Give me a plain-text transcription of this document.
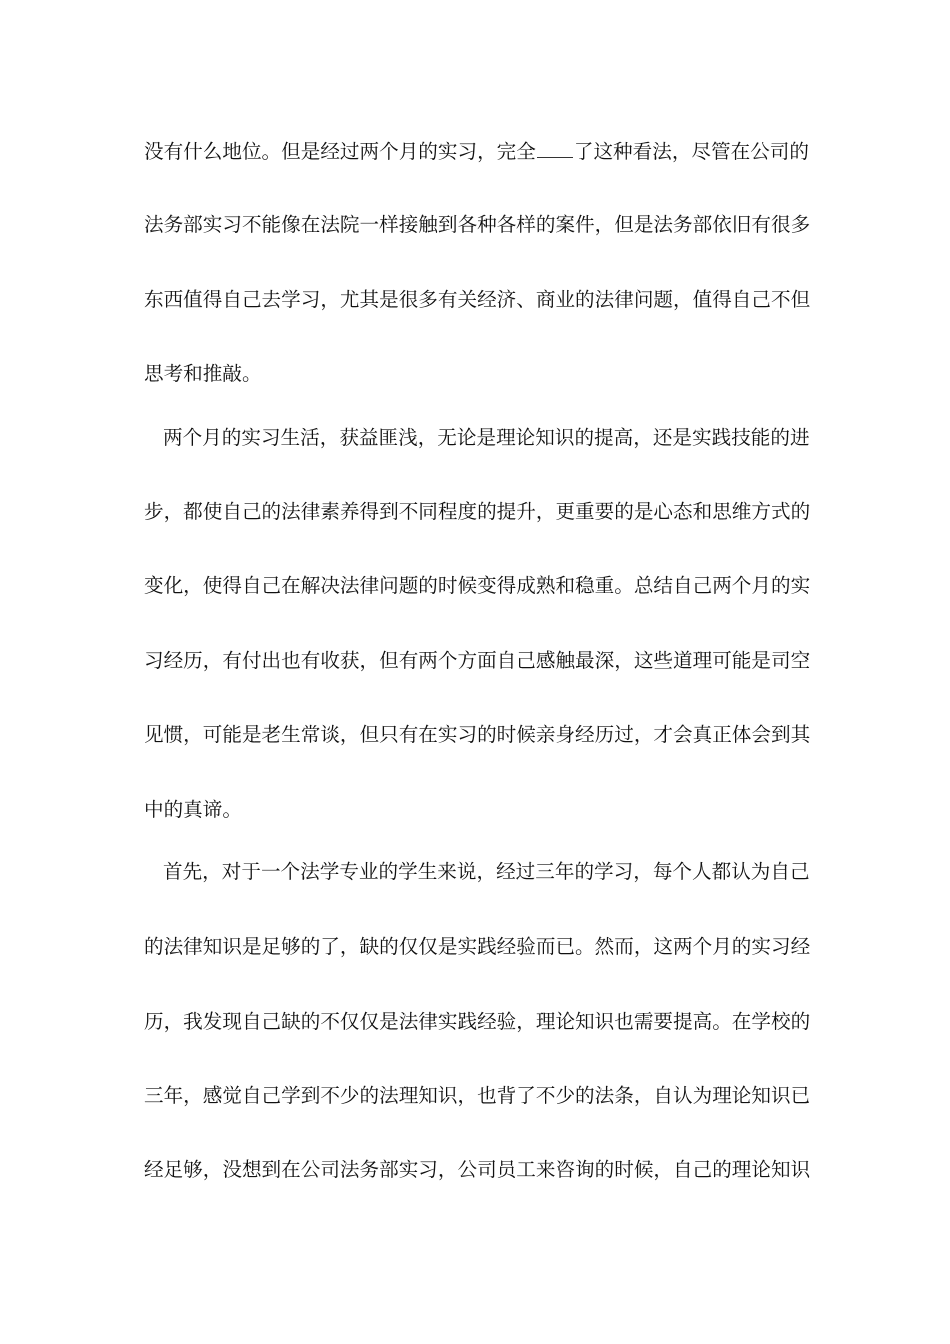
没有什么地位。但是经过两个月的实习，完全 了这种看法，尽管在公司的
法务部实习不能像在法院一样接触到各种各样的案件，但是法务部依旧有很多
东西值得自己去学习，尤其是很多有关经济、商业的法律问题，值得自己不但
思考和推敲。
两个月的实习生活，获益匪浅，无论是理论知识的提高，还是实践技能的进
步，都使自己的法律素养得到不同程度的提升，更重要的是心态和思维方式的
变化，使得自己在解决法律问题的时候变得成熟和稳重。总结自己两个月的实
习经历，有付出也有收获，但有两个方面自己感触最深，这些道理可能是司空
见惯，可能是老生常谈，但只有在实习的时候亲身经历过，才会真正体会到其
中的真谛。
首先，对于一个法学专业的学生来说，经过三年的学习，每个人都认为自己
的法律知识是足够的了，缺的仅仅是实践经验而已。然而，这两个月的实习经
历，我发现自己缺的不仅仅是法律实践经验，理论知识也需要提高。在学校的
三年，感觉自己学到不少的法理知识，也背了不少的法条，自认为理论知识已
经足够，没想到在公司法务部实习，公司员工来咨询的时候，自己的理论知识
